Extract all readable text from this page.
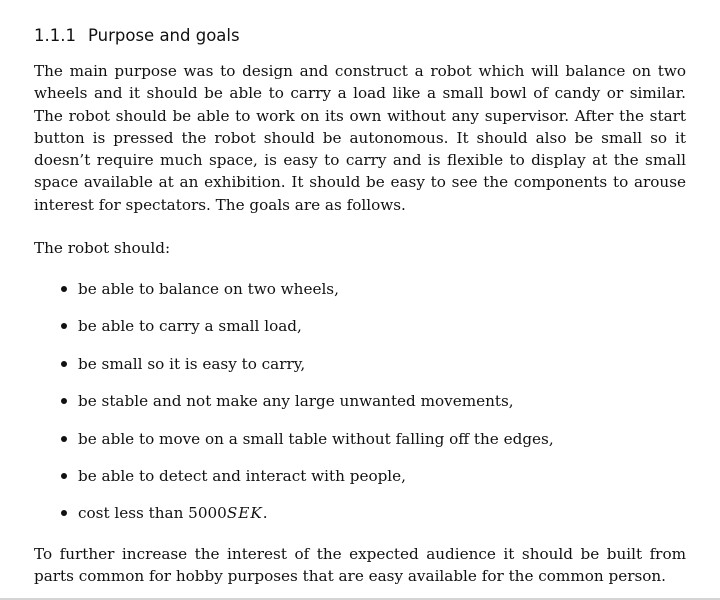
1.1.1 Purpose and goals

The main purpose was to design and construct a robot which will balance on two wheels and it should be able to carry a load like a small bowl of candy or similar. The robot should be able to work on its own without any supervisor. After the start button is pressed the robot should be autonomous. It should also be small so it doesn’t require much space, is easy to carry and is flexible to display at the small space available at an exhibition. It should be easy to see the components to arouse interest for spectators. The goals are as follows.

The robot should:

be able to balance on two wheels,
be able to carry a small load,
be small so it is easy to carry,
be stable and not make any large unwanted movements,
be able to move on a small table without falling off the edges,
be able to detect and interact with people,
cost less than 5000SEK.

To further increase the interest of the expected audience it should be built from parts common for hobby purposes that are easy available for the common person.
